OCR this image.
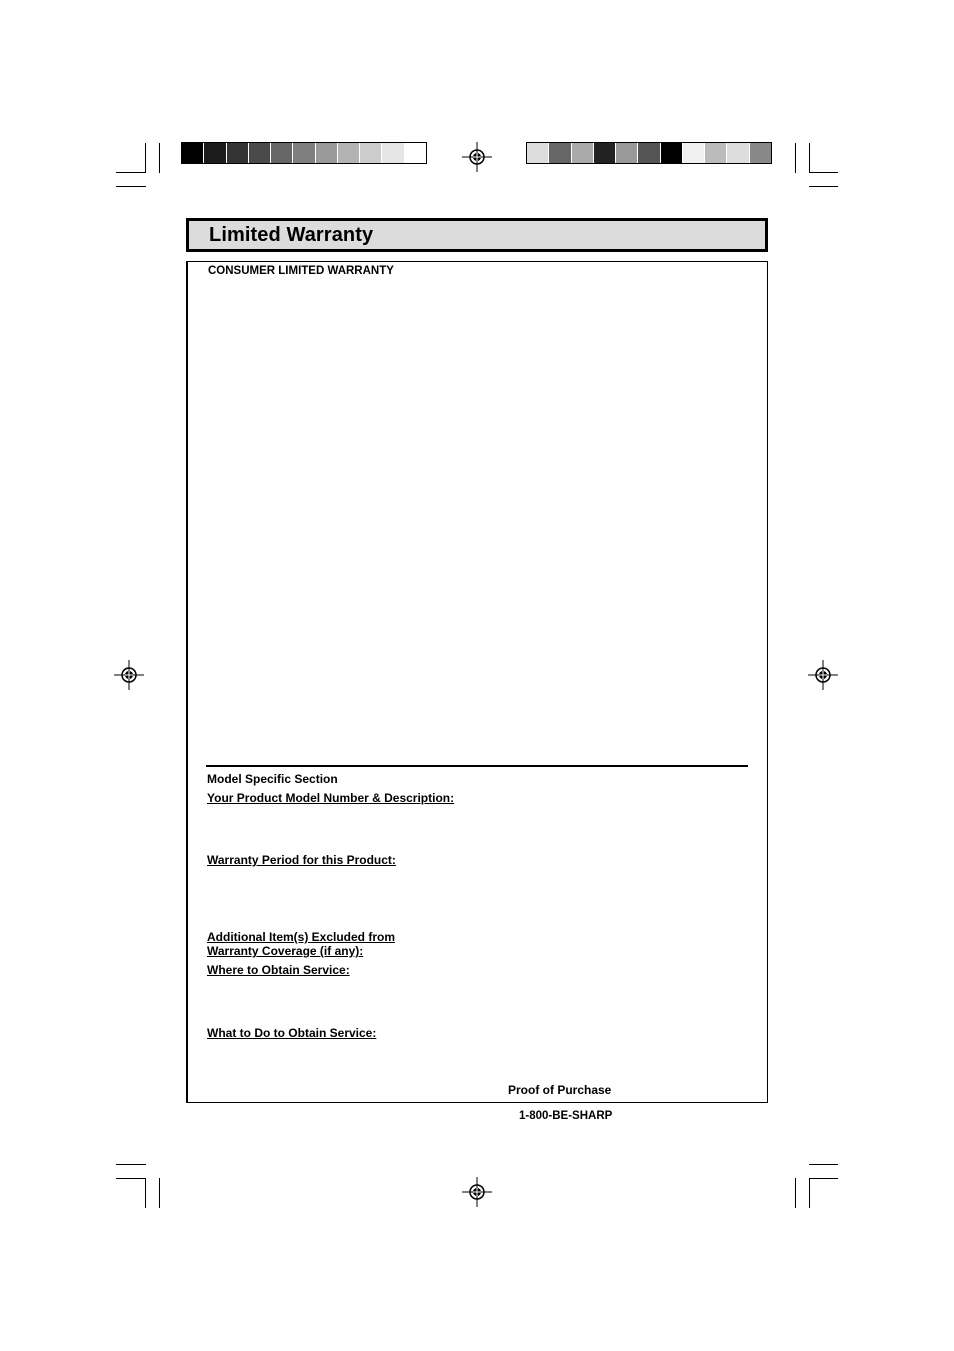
Limited Warranty
CONSUMER LIMITED WARRANTY
Model Specific Section
Your Product Model Number & Description:
Warranty Period for this Product:
Additional Item(s) Excluded from
Warranty Coverage (if any):
Where to Obtain Service:
What to Do to Obtain Service:
Proof of Purchase
1-800-BE-SHARP
